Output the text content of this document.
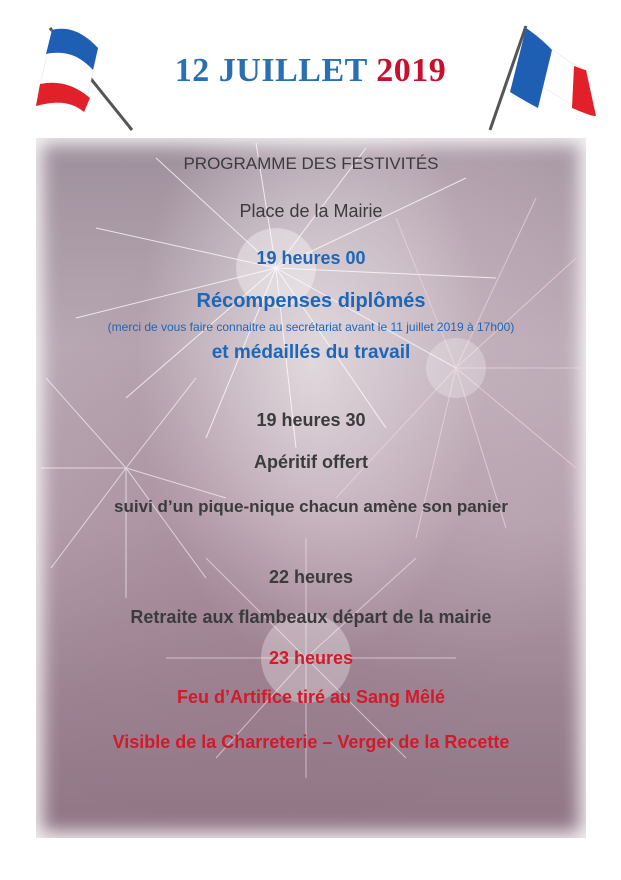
12 JUILLET 2019
PROGRAMME DES FESTIVITÉS
Place de la Mairie
19 heures 00
Récompenses diplômés
(merci de vous faire connaitre au secrétariat avant le 11 juillet 2019 à 17h00)
et médaillés du travail
19 heures 30
Apéritif offert
suivi d’un pique-nique chacun amène son panier
22 heures
Retraite aux flambeaux départ de la mairie
23 heures
Feu d’Artifice tiré au Sang Mêlé
Visible de la Charreterie – Verger de la Recette
